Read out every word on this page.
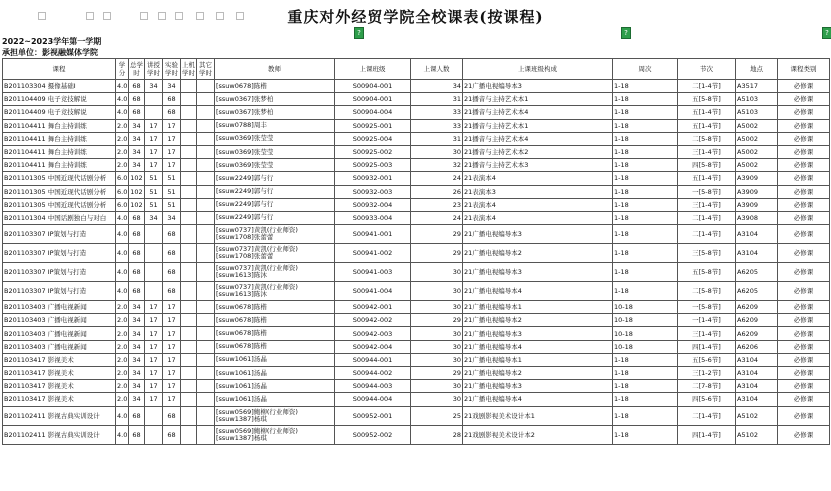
重庆对外经贸学院全校课表(按课程)
?	?	?
2022~2023学年第一学期
承担单位：影视融媒体学院
课程	学分	总学时	讲授学时	实验学时	上机学时	其它学时	教师	上课班级	上课人数	上课班级构成	周次	节次	地点	课程类别
B201103304 摄像基础Ⅰ	4.0	68	34	34			[ssuw0678]陈楷	S00904-001	34	21广播电视编导本3	1-18	二[1-4节]	A3517	必修课
B201104409 电子竞技解说	4.0	68		68			[ssuw0367]张梦柏	S00904-001	31	21播音与主持艺术本1	1-18	五[5-8节]	A5103	必修课
B201104409 电子竞技解说	4.0	68		68			[ssuw0367]张梦柏	S00904-004	33	21播音与主持艺术本4	1-18	五[1-4节]	A5103	必修课
B201104411 舞台主持训练	2.0	34	17	17			[ssuw0788]周丰	S00925-001	33	21播音与主持艺术本1	1-18	五[1-4节]	A5002	必修课
B201104411 舞台主持训练	2.0	34	17	17			[ssuw0369]张莹莹	S00925-004	31	21播音与主持艺术本4	1-18	二[5-8节]	A5002	必修课
B201104411 舞台主持训练	2.0	34	17	17			[ssuw0369]张莹莹	S00925-002	30	21播音与主持艺术本2	1-18	三[1-4节]	A5002	必修课
B201104411 舞台主持训练	2.0	34	17	17			[ssuw0369]张莹莹	S00925-003	32	21播音与主持艺术本3	1-18	四[5-8节]	A5002	必修课
B201101305 中国近现代话剧分析	6.0	102	51	51			[ssuw2249]郭与行	S00932-001	24	21表演本4	1-18	五[1-4节]	A3909	必修课
B201101305 中国近现代话剧分析	6.0	102	51	51			[ssuw2249]郭与行	S00932-003	26	21表演本3	1-18	一[5-8节]	A3909	必修课
B201101305 中国近现代话剧分析	6.0	102	51	51			[ssuw2249]郭与行	S00932-004	23	21表演本4	1-18	三[1-4节]	A3909	必修课
B201101304 中国话剧独白与对白	4.0	68	34	34			[ssuw2249]郭与行	S00933-004	24	21表演本4	1-18	二[1-4节]	A3908	必修课
B201103307 IP策划与打造	4.0	68		68			[ssuw0737]黄凯(行业师资) [ssuw1708]张蕾蕾	S00941-001	29	21广播电视编导本3	1-18	二[1-4节]	A3104	必修课
B201103307 IP策划与打造	4.0	68		68			[ssuw0737]黄凯(行业师资) [ssuw1708]张蕾蕾	S00941-002	29	21广播电视编导本2	1-18	三[5-8节]	A3104	必修课
B201103307 IP策划与打造	4.0	68		68			[ssuw0737]黄凯(行业师资) [ssuw1613]陈沐	S00941-003	30	21广播电视编导本3	1-18	五[5-8节]	A6205	必修课
B201103307 IP策划与打造	4.0	68		68			[ssuw0737]黄凯(行业师资) [ssuw1613]陈沐	S00941-004	30	21广播电视编导本4	1-18	二[5-8节]	A6205	必修课
B201103403 广播电视新闻	2.0	34	17	17			[ssuw0678]陈楷	S00942-001	30	21广播电视编导本1	10-18	一[5-8节]	A6209	必修课
B201103403 广播电视新闻	2.0	34	17	17			[ssuw0678]陈楷	S00942-002	29	21广播电视编导本2	10-18	一[1-4节]	A6209	必修课
B201103403 广播电视新闻	2.0	34	17	17			[ssuw0678]陈楷	S00942-003	30	21广播电视编导本3	10-18	三[1-4节]	A6209	必修课
B201103403 广播电视新闻	2.0	34	17	17			[ssuw0678]陈楷	S00942-004	30	21广播电视编导本4	10-18	四[1-4节]	A6206	必修课
B201103417 影视美术	2.0	34	17	17			[ssuw1061]汤晶	S00944-001	30	21广播电视编导本1	1-18	五[5-6节]	A3104	必修课
B201103417 影视美术	2.0	34	17	17			[ssuw1061]汤晶	S00944-002	29	21广播电视编导本2	1-18	三[1-2节]	A3104	必修课
B201103417 影视美术	2.0	34	17	17			[ssuw1061]汤晶	S00944-003	30	21广播电视编导本3	1-18	二[7-8节]	A3104	必修课
B201103417 影视美术	2.0	34	17	17			[ssuw1061]汤晶	S00944-004	30	21广播电视编导本4	1-18	四[5-6节]	A3104	必修课
B201102411 影视古典实训设计	4.0	68		68			[ssuw0569]鲍柳(行业师资) [ssuw1387]杨琪	S00952-001	25	21戏剧影视美术设计本1	1-18	二[1-4节]	A5102	必修课
B201102411 影视古典实训设计	4.0	68		68			[ssuw0569]鲍柳(行业师资) [ssuw1387]杨琪	S00952-002	28	21戏剧影视美术设计本2	1-18	四[1-4节]	A5102	必修课
